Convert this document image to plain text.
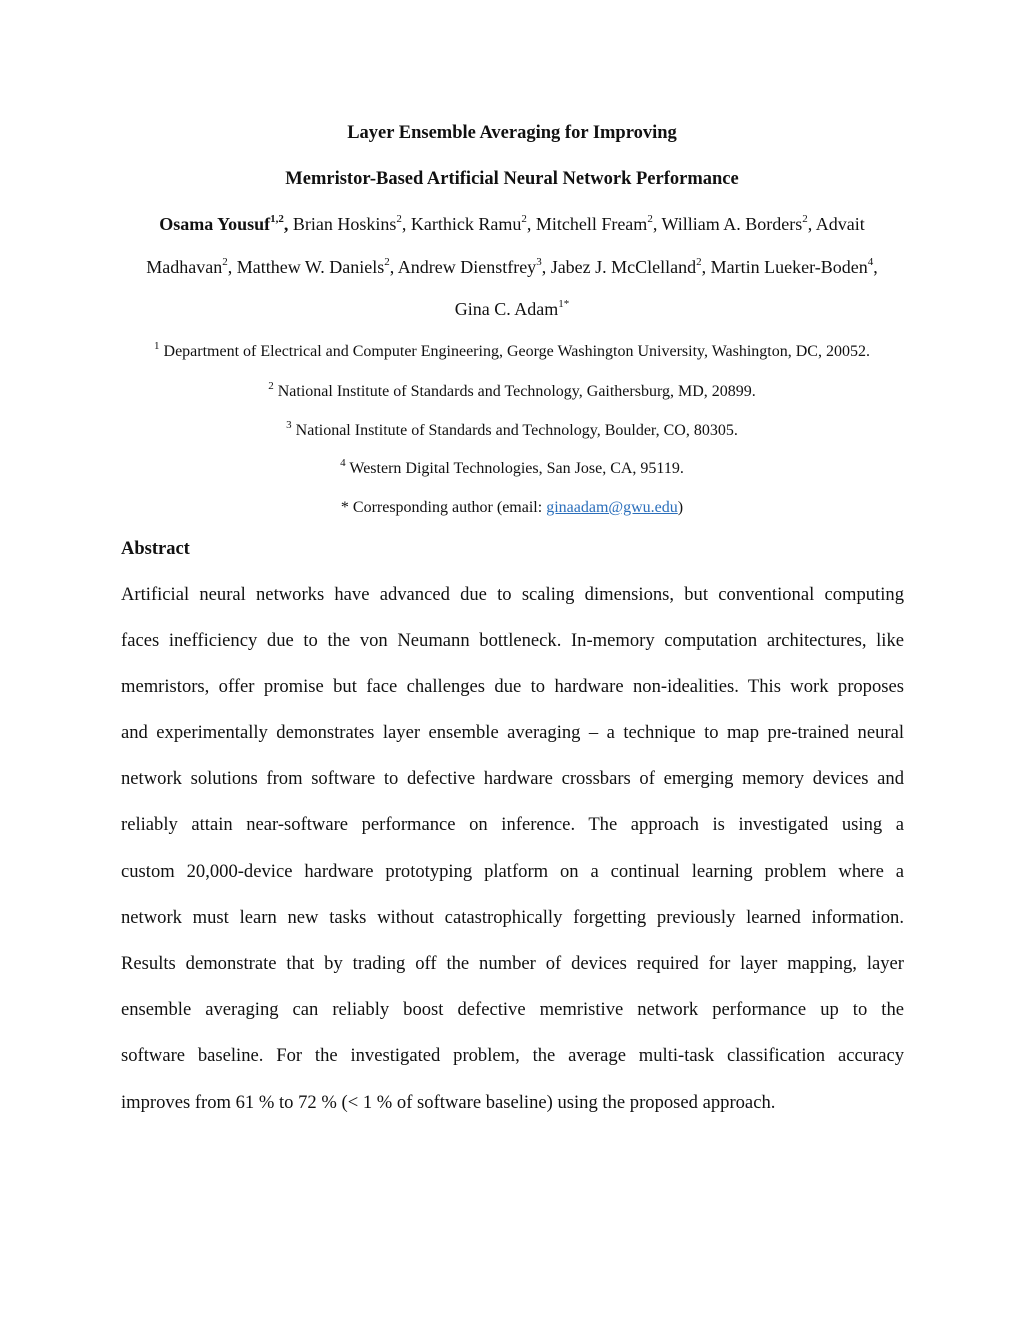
Layer Ensemble Averaging for Improving
Memristor-Based Artificial Neural Network Performance
Osama Yousuf$^{1,2}$, Brian Hoskins$^2$, Karthick Ramu$^2$, Mitchell Fream$^2$, William A. Borders$^2$, Advait
Madhavan$^2$, Matthew W. Daniels$^2$, Andrew Dienstfrey$^3$, Jabez J. McClelland$^2$, Martin Lueker-Boden$^4$,
Gina C. Adam$^{1*}$
$^1$ Department of Electrical and Computer Engineering, George Washington University, Washington, DC, 20052.
$^2$ National Institute of Standards and Technology, Gaithersburg, MD, 20899.
$^3$ National Institute of Standards and Technology, Boulder, CO, 80305.
$^4$ Western Digital Technologies, San Jose, CA, 95119.
* Corresponding author (email: ginaadam@gwu.edu)
Abstract
Artificial neural networks have advanced due to scaling dimensions, but conventional computing
faces inefficiency due to the von Neumann bottleneck. In-memory computation architectures, like
memristors, offer promise but face challenges due to hardware non-idealities. This work proposes
and experimentally demonstrates layer ensemble averaging – a technique to map pre-trained neural
network solutions from software to defective hardware crossbars of emerging memory devices and
reliably attain near-software performance on inference. The approach is investigated using a
custom 20,000-device hardware prototyping platform on a continual learning problem where a
network must learn new tasks without catastrophically forgetting previously learned information.
Results demonstrate that by trading off the number of devices required for layer mapping, layer
ensemble averaging can reliably boost defective memristive network performance up to the
software baseline. For the investigated problem, the average multi-task classification accuracy
improves from 61 % to 72 % (< 1 % of software baseline) using the proposed approach.
